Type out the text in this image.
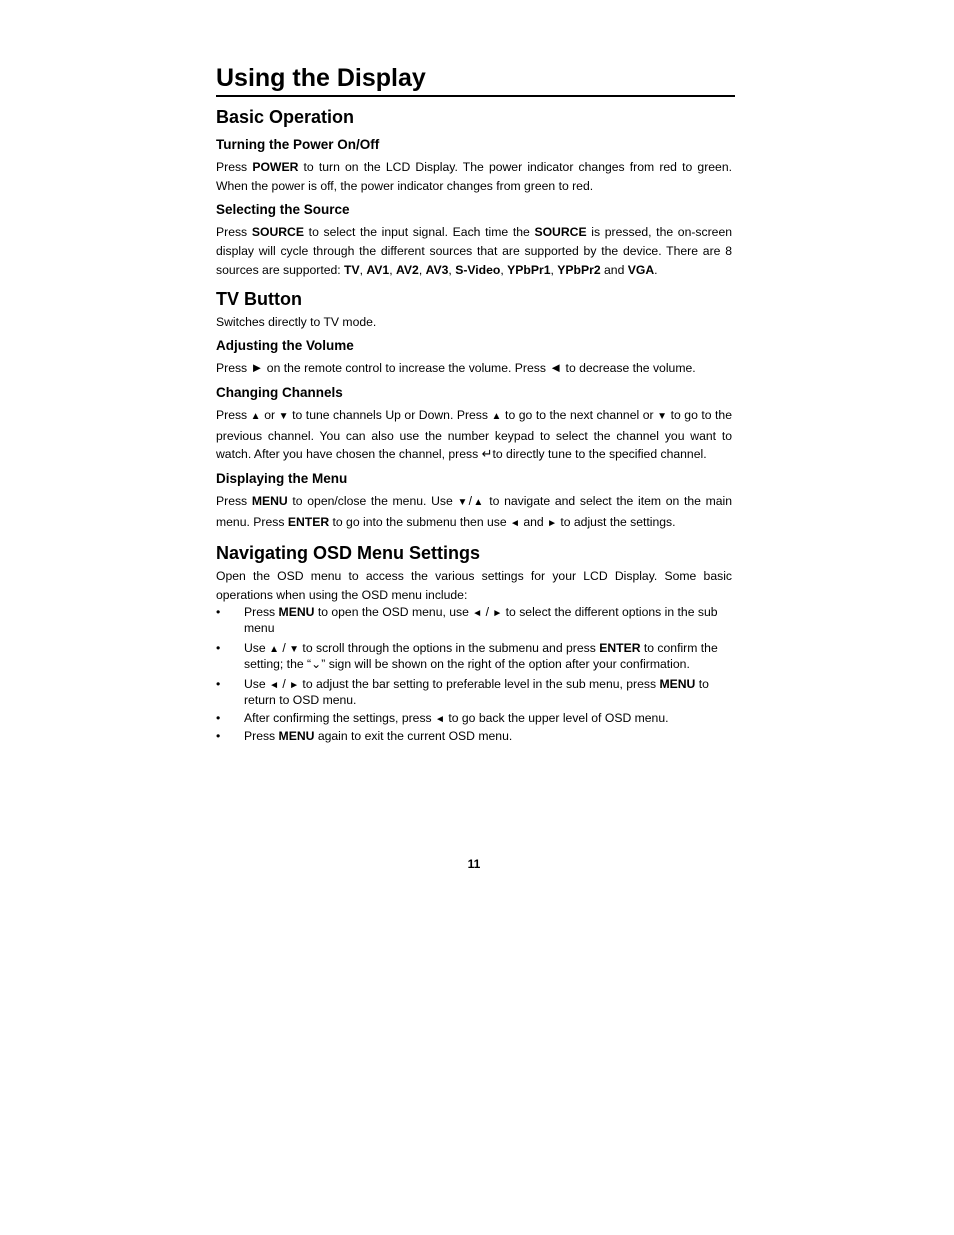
Using the Display
Basic Operation
Turning the Power On/Off

Press POWER to turn on the LCD Display. The power indicator changes from red to green. When the power is off, the power indicator changes from green to red.

Selecting the Source

Press SOURCE to select the input signal. Each time the SOURCE is pressed, the on-screen display will cycle through the different sources that are supported by the device. There are 8 sources are supported: TV, AV1, AV2, AV3, S-Video, YPbPr1, YPbPr2 and VGA.

TV Button

Switches directly to TV mode.

Adjusting the Volume

Press ► on the remote control to increase the volume. Press ◄ to decrease the volume.

Changing Channels

Press ▲ or ▼ to tune channels Up or Down. Press ▲ to go to the next channel or ▼ to go to the previous channel. You can also use the number keypad to select the channel you want to watch. After you have chosen the channel, press ↵to directly tune to the specified channel.

Displaying the Menu

Press MENU to open/close the menu. Use ▼/▲ to navigate and select the item on the main menu. Press ENTER to go into the submenu then use ◄ and ► to adjust the settings.

Navigating OSD Menu Settings

Open the OSD menu to access the various settings for your LCD Display. Some basic operations when using the OSD menu include:

• Press MENU to open the OSD menu, use ◄ / ► to select the different options in the sub menu
• Use ▲ / ▼ to scroll through the options in the submenu and press ENTER to confirm the setting; the “⌄” sign will be shown on the right of the option after your confirmation.
• Use ◄ / ► to adjust the bar setting to preferable level in the sub menu, press MENU to return to OSD menu.
• After confirming the settings, press ◄ to go back the upper level of OSD menu.
• Press MENU again to exit the current OSD menu.
11
